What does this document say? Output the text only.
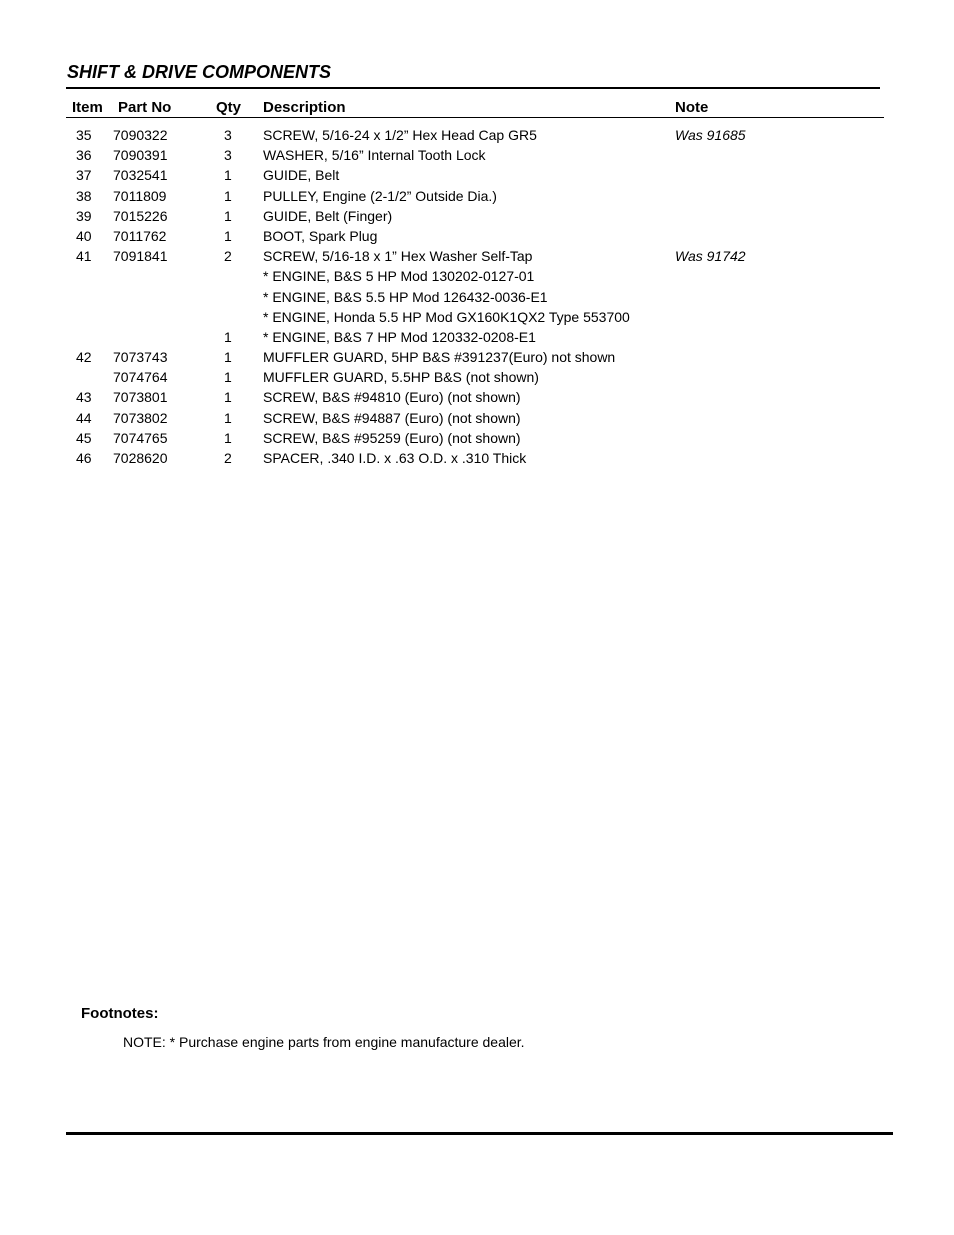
SHIFT & DRIVE COMPONENTS
Item Part No	Qty Description	Note
35 7090322	3 SCREW, 5/16-24 x 1/2” Hex Head Cap GR5	Was 91685
36 7090391	3 WASHER, 5/16” Internal Tooth Lock
37 7032541	1 GUIDE, Belt
38 7011809	1 PULLEY, Engine (2-1/2” Outside Dia.)
39 7015226	1 GUIDE, Belt (Finger)
40 7011762	1 BOOT, Spark Plug
41 7091841	2 SCREW, 5/16-18 x 1” Hex Washer Self-Tap	Was 91742
* ENGINE, B&S 5 HP Mod 130202-0127-01
* ENGINE, B&S 5.5 HP Mod 126432-0036-E1
* ENGINE, Honda 5.5 HP Mod GX160K1QX2 Type 553700
1 * ENGINE, B&S 7 HP Mod 120332-0208-E1
42 7073743	1 MUFFLER GUARD, 5HP B&S #391237(Euro) not shown
7074764	1 MUFFLER GUARD, 5.5HP B&S (not shown)
43 7073801	1 SCREW, B&S #94810 (Euro) (not shown)
44 7073802	1 SCREW, B&S #94887 (Euro) (not shown)
45 7074765	1 SCREW, B&S #95259 (Euro) (not shown)
46 7028620	2 SPACER, .340 I.D. x .63 O.D. x .310 Thick
Footnotes:
NOTE: * Purchase engine parts from engine manufacture dealer.
